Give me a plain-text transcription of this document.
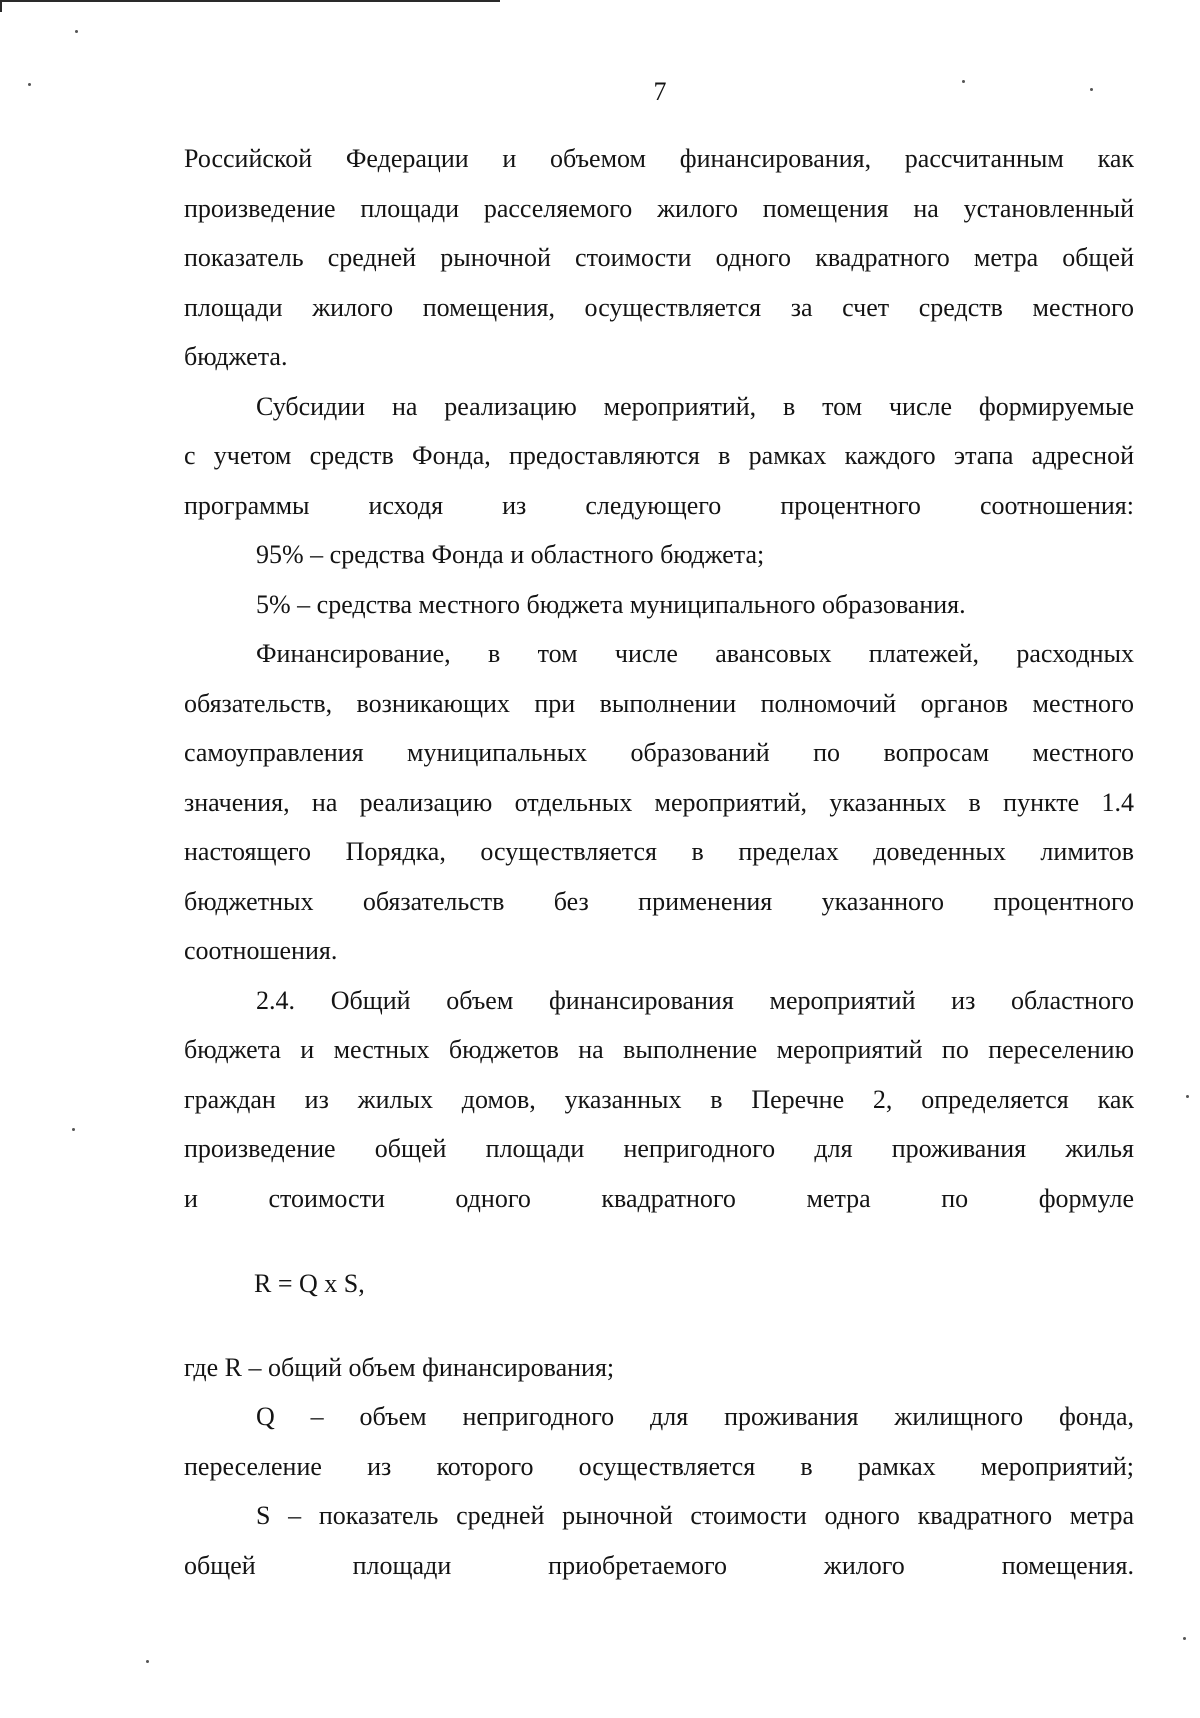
7

Российской Федерации и объемом финансирования, рассчитанным как
произведение площади расселяемого жилого помещения на установленный
показатель средней рыночной стоимости одного квадратного метра общей
площади жилого помещения, осуществляется за счет средств местного
бюджета.

Субсидии на реализацию мероприятий, в том числе формируемые
с учетом средств Фонда, предоставляются в рамках каждого этапа адресной
программы исходя из следующего процентного соотношения:

95% – средства Фонда и областного бюджета;

5% – средства местного бюджета муниципального образования.

Финансирование, в том числе авансовых платежей, расходных
обязательств, возникающих при выполнении полномочий органов местного
самоуправления муниципальных образований по вопросам местного
значения, на реализацию отдельных мероприятий, указанных в пункте 1.4
настоящего Порядка, осуществляется в пределах доведенных лимитов
бюджетных обязательств без применения указанного процентного
соотношения.

2.4. Общий объем финансирования мероприятий из областного
бюджета и местных бюджетов на выполнение мероприятий по переселению
граждан из жилых домов, указанных в Перечне 2, определяется как
произведение общей площади непригодного для проживания жилья
и стоимости одного квадратного метра по формуле

R = Q x S,

где R – общий объем финансирования;

Q – объем непригодного для проживания жилищного фонда,
переселение из которого осуществляется в рамках мероприятий;

S – показатель средней рыночной стоимости одного квадратного метра
общей площади приобретаемого жилого помещения.
